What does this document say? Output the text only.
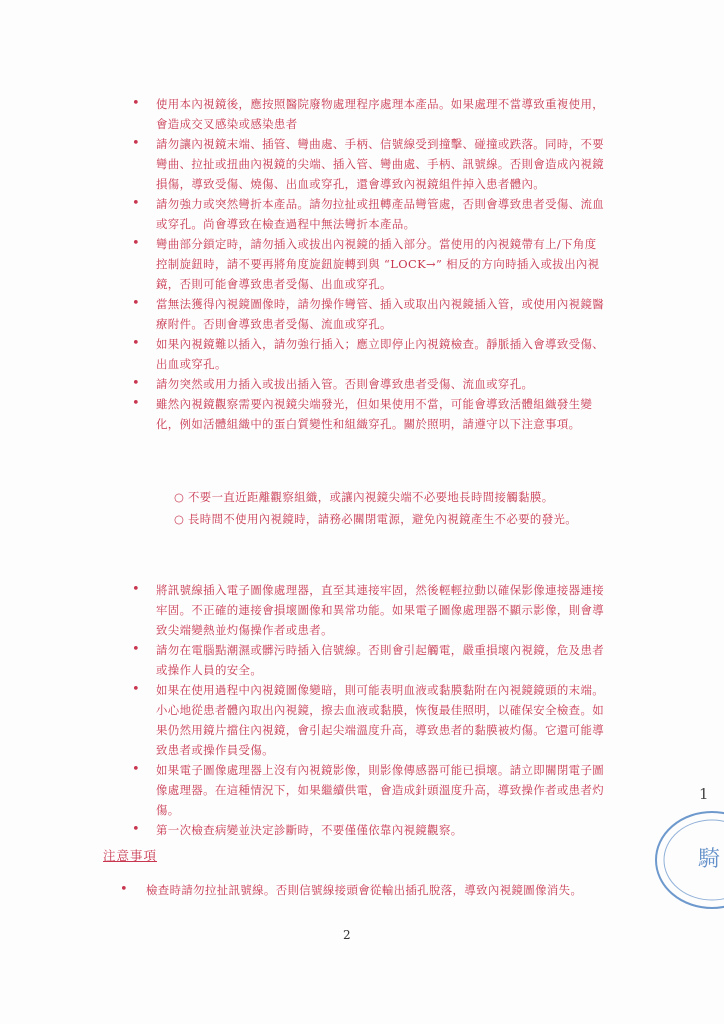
• 使用本內視鏡後，應按照醫院廢物處理程序處理本產品。如果處理不當導致重複使用，會造成交叉感染或感染患者
• 請勿讓內視鏡末端、插管、彎曲處、手柄、信號線受到撞擊、碰撞或跌落。同時，不要彎曲、拉扯或扭曲內視鏡的尖端、插入管、彎曲處、手柄、訊號線。否則會造成內視鏡損傷，導致受傷、燒傷、出血或穿孔，還會導致內視鏡組件掉入患者體內。
• 請勿強力或突然彎折本產品。請勿拉扯或扭轉產品彎管處，否則會導致患者受傷、流血或穿孔。尚會導致在檢查過程中無法彎折本產品。
• 彎曲部分鎖定時，請勿插入或拔出內視鏡的插入部分。當使用的內視鏡帶有上/下角度控制旋鈕時，請不要再將角度旋鈕旋轉到與 “LOCK→” 相反的方向時插入或拔出內視鏡，否則可能會導致患者受傷、出血或穿孔。
• 當無法獲得內視鏡圖像時，請勿操作彎管、插入或取出內視鏡插入管，或使用內視鏡醫療附件。否則會導致患者受傷、流血或穿孔。
• 如果內視鏡難以插入，請勿強行插入；應立即停止內視鏡檢查。靜脈插入會導致受傷、出血或穿孔。
• 請勿突然或用力插入或拔出插入管。否則會導致患者受傷、流血或穿孔。
• 雖然內視鏡觀察需要內視鏡尖端發光，但如果使用不當，可能會導致活體組織發生變化，例如活體組織中的蛋白質變性和組織穿孔。關於照明，請遵守以下注意事項。
○ 不要一直近距離觀察組織，或讓內視鏡尖端不必要地長時間接觸黏膜。
○ 長時間不使用內視鏡時，請務必關閉電源，避免內視鏡產生不必要的發光。
• 將訊號線插入電子圖像處理器，直至其連接牢固，然後輕輕拉動以確保影像連接器連接牢固。不正確的連接會損壞圖像和異常功能。如果電子圖像處理器不顯示影像，則會導致尖端變熱並灼傷操作者或患者。
• 請勿在電腦點潮濕或髒污時插入信號線。否則會引起觸電，嚴重損壞內視鏡，危及患者或操作人員的安全。
• 如果在使用過程中內視鏡圖像變暗，則可能表明血液或黏膜黏附在內視鏡鏡頭的末端。小心地從患者體內取出內視鏡，擦去血液或黏膜，恢復最佳照明，以確保安全檢查。如果仍然用鏡片擋住內視鏡，會引起尖端溫度升高，導致患者的黏膜被灼傷。它還可能導致患者或操作員受傷。
• 如果電子圖像處理器上沒有內視鏡影像，則影像傳感器可能已損壞。請立即關閉電子圖像處理器。在這種情況下，如果繼續供電，會造成針頭溫度升高，導致操作者或患者灼傷。
• 第一次檢查病變並決定診斷時，不要僅僅依靠內視鏡觀察。
注意事項
• 檢查時請勿拉扯訊號線。否則信號線接頭會從輸出插孔脫落，導致內視鏡圖像消失。
2
1
騎
